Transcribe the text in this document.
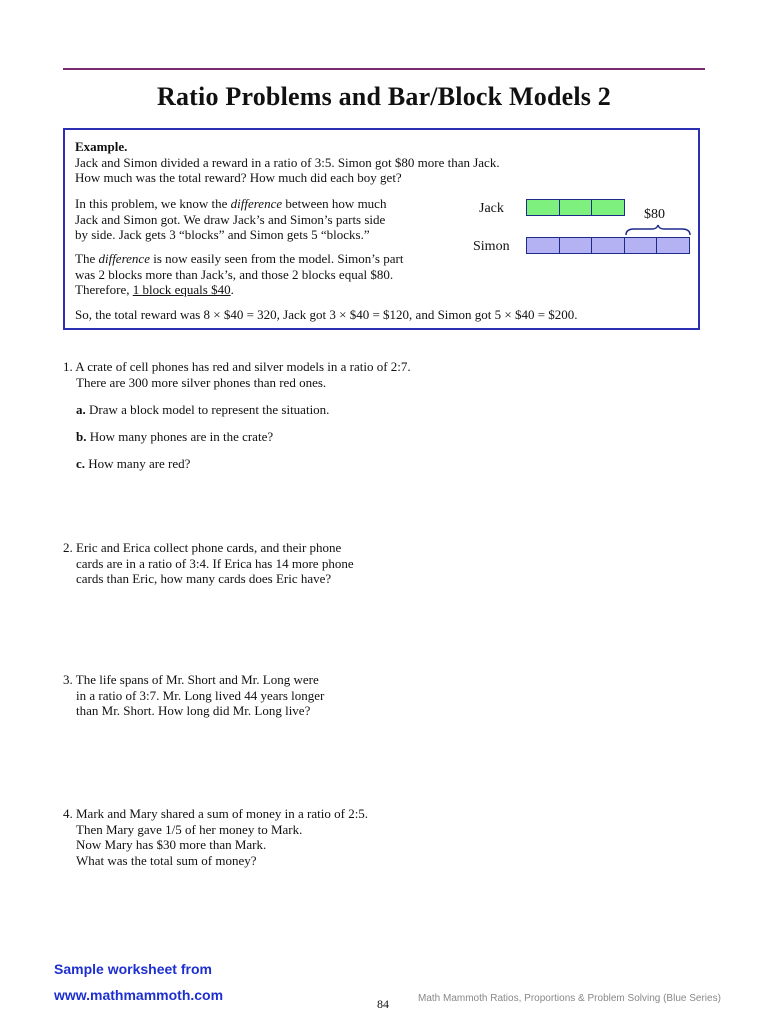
Ratio Problems and Bar/Block Models 2
Example.
Jack and Simon divided a reward in a ratio of 3:5. Simon got $80 more than Jack.
How much was the total reward? How much did each boy get?
In this problem, we know the difference between how much
Jack and Simon got. We draw Jack’s and Simon’s parts side
by side. Jack gets 3 “blocks” and Simon gets 5 “blocks.”
The difference is now easily seen from the model. Simon’s part
was 2 blocks more than Jack’s, and those 2 blocks equal $80.
Therefore, 1 block equals $40.
So, the total reward was 8 × $40 = 320, Jack got 3 × $40 = $120, and Simon got 5 × $40 = $200.
Jack
Simon
$80
1. A crate of cell phones has red and silver models in a ratio of 2:7.
There are 300 more silver phones than red ones.
a. Draw a block model to represent the situation.
b. How many phones are in the crate?
c. How many are red?
2. Eric and Erica collect phone cards, and their phone
cards are in a ratio of 3:4. If Erica has 14 more phone
cards than Eric, how many cards does Eric have?
3. The life spans of Mr. Short and Mr. Long were
in a ratio of 3:7. Mr. Long lived 44 years longer
than Mr. Short. How long did Mr. Long live?
4. Mark and Mary shared a sum of money in a ratio of 2:5.
Then Mary gave 1/5 of her money to Mark.
Now Mary has $30 more than Mark.
What was the total sum of money?
Sample worksheet from
www.mathmammoth.com
84	Math Mammoth Ratios, Proportions & Problem Solving (Blue Series)
